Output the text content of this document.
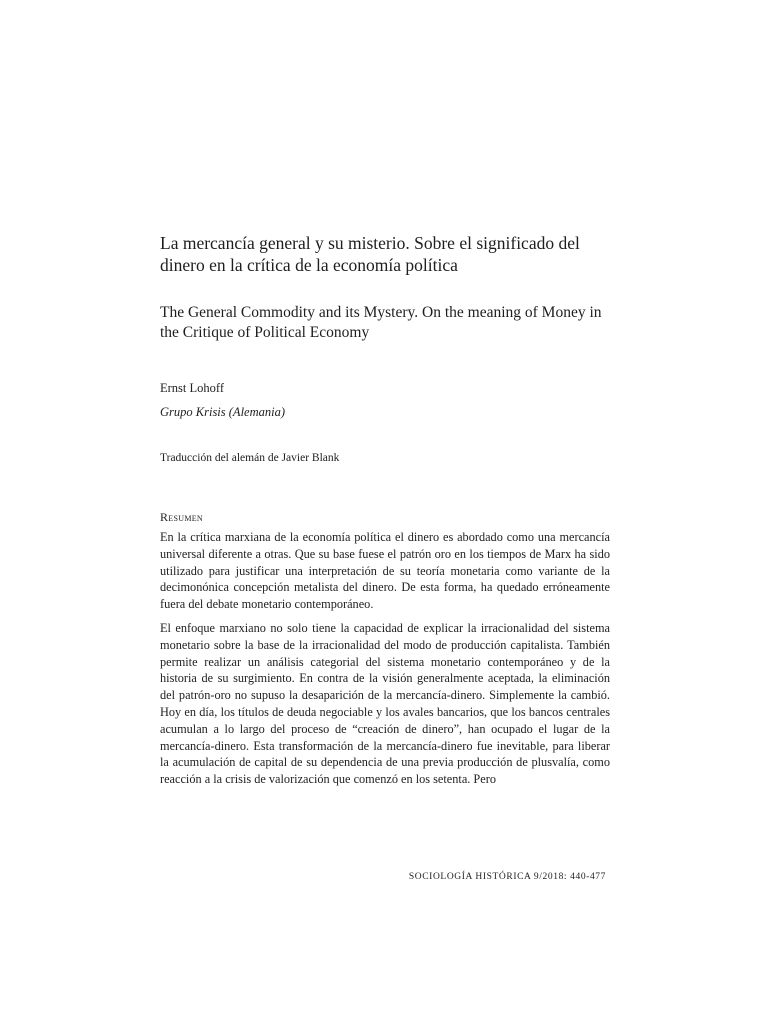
La mercancía general y su misterio. Sobre el significado del dinero en la crítica de la economía política
The General Commodity and its Mystery. On the meaning of Money in the Critique of Political Economy

Ernst Lohoff

Grupo Krisis (Alemania)

Traducción del alemán de Javier Blank

Resumen

En la crítica marxiana de la economía política el dinero es abordado como una mercancía universal diferente a otras. Que su base fuese el patrón oro en los tiempos de Marx ha sido utilizado para justificar una interpretación de su teoría monetaria como variante de la decimonónica concepción metalista del dinero. De esta forma, ha quedado erróneamente fuera del debate monetario contemporáneo.

El enfoque marxiano no solo tiene la capacidad de explicar la irracionalidad del sistema monetario sobre la base de la irracionalidad del modo de producción capitalista. También permite realizar un análisis categorial del sistema monetario contemporáneo y de la historia de su surgimiento. En contra de la visión generalmente aceptada, la eliminación del patrón-oro no supuso la desaparición de la mercancía-dinero. Simplemente la cambió. Hoy en día, los títulos de deuda negociable y los avales bancarios, que los bancos centrales acumulan a lo largo del proceso de “creación de dinero”, han ocupado el lugar de la mercancía-dinero. Esta transformación de la mercancía-dinero fue inevitable, para liberar la acumulación de capital de su dependencia de una previa producción de plusvalía, como reacción a la crisis de valorización que comenzó en los setenta. Pero

SOCIOLOGÍA HISTÓRICA 9/2018: 440-477
